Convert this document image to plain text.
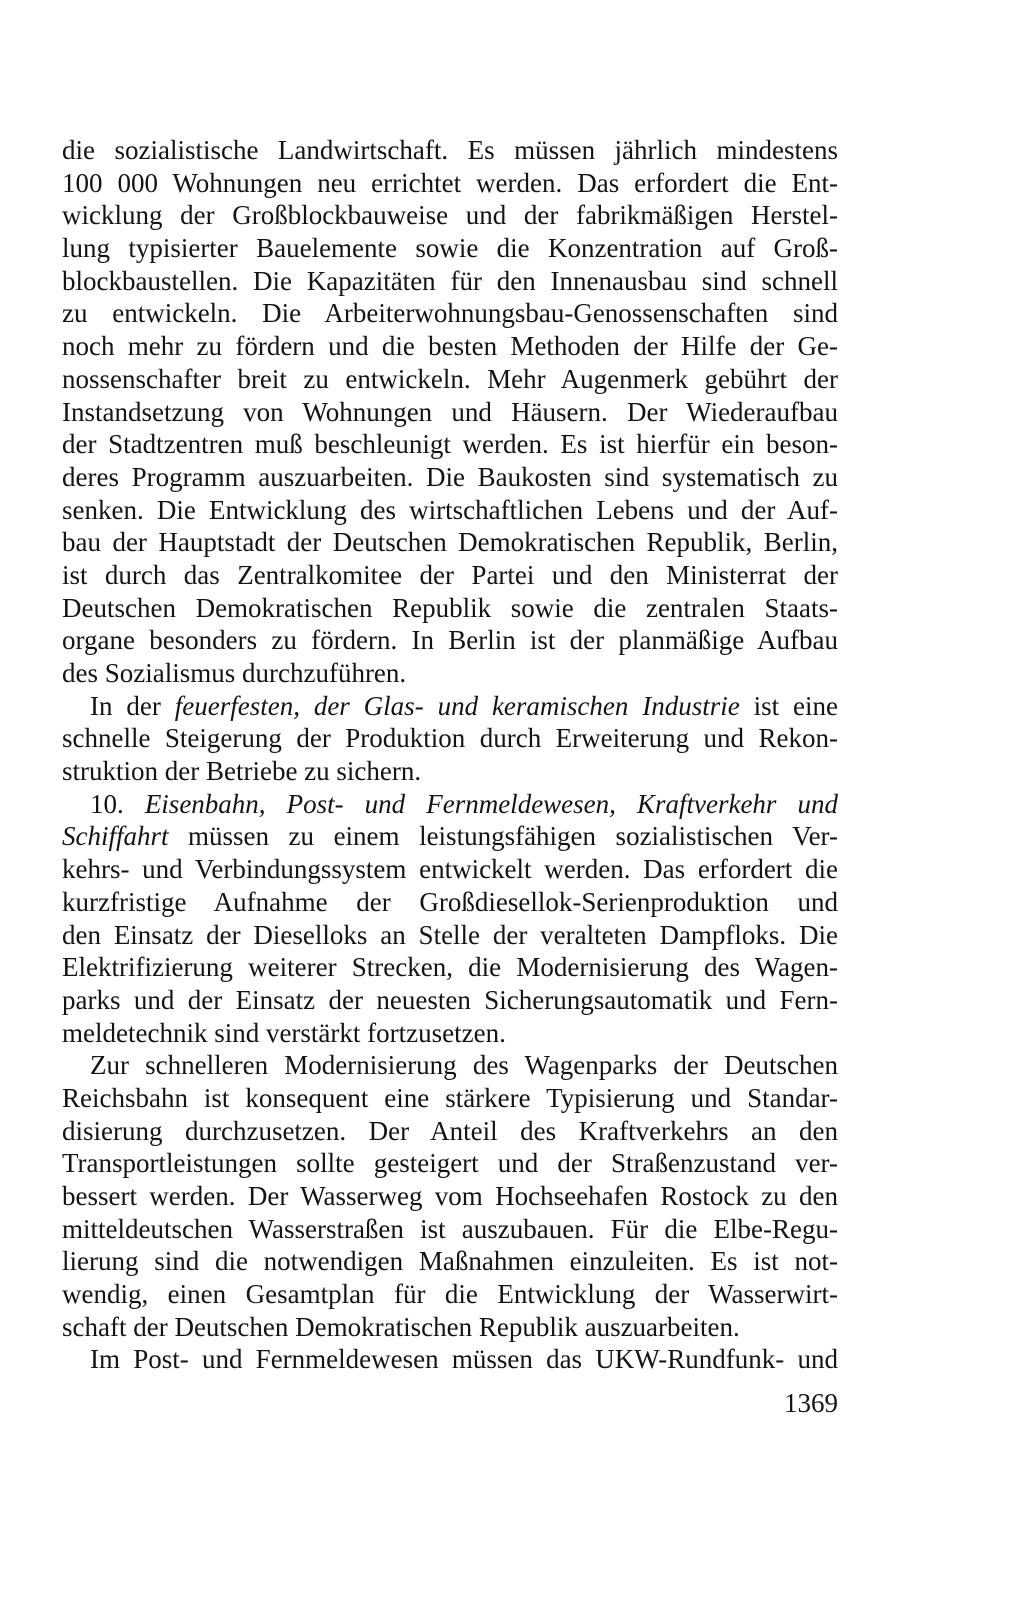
die sozialistische Landwirtschaft. Es müssen jährlich mindestens
100 000 Wohnungen neu errichtet werden. Das erfordert die Ent-
wicklung der Großblockbauweise und der fabrikmäßigen Herstel-
lung typisierter Bauelemente sowie die Konzentration auf Groß-
blockbaustellen. Die Kapazitäten für den Innenausbau sind schnell
zu entwickeln. Die Arbeiterwohnungsbau-Genossenschaften sind
noch mehr zu fördern und die besten Methoden der Hilfe der Ge-
nossenschafter breit zu entwickeln. Mehr Augenmerk gebührt der
Instandsetzung von Wohnungen und Häusern. Der Wiederaufbau
der Stadtzentren muß beschleunigt werden. Es ist hierfür ein beson-
deres Programm auszuarbeiten. Die Baukosten sind systematisch zu
senken. Die Entwicklung des wirtschaftlichen Lebens und der Auf-
bau der Hauptstadt der Deutschen Demokratischen Republik, Berlin,
ist durch das Zentralkomitee der Partei und den Ministerrat der
Deutschen Demokratischen Republik sowie die zentralen Staats-
organe besonders zu fördern. In Berlin ist der planmäßige Aufbau
des Sozialismus durchzuführen.
In der feuerfesten, der Glas- und keramischen Industrie ist eine
schnelle Steigerung der Produktion durch Erweiterung und Rekon-
struktion der Betriebe zu sichern.
10. Eisenbahn, Post- und Fernmeldewesen, Kraftverkehr und
Schiffahrt müssen zu einem leistungsfähigen sozialistischen Ver-
kehrs- und Verbindungssystem entwickelt werden. Das erfordert die
kurzfristige Aufnahme der Großdiesellok-Serienproduktion und
den Einsatz der Dieselloks an Stelle der veralteten Dampfloks. Die
Elektrifizierung weiterer Strecken, die Modernisierung des Wagen-
parks und der Einsatz der neuesten Sicherungsautomatik und Fern-
meldetechnik sind verstärkt fortzusetzen.
Zur schnelleren Modernisierung des Wagenparks der Deutschen
Reichsbahn ist konsequent eine stärkere Typisierung und Standar-
disierung durchzusetzen. Der Anteil des Kraftverkehrs an den
Transportleistungen sollte gesteigert und der Straßenzustand ver-
bessert werden. Der Wasserweg vom Hochseehafen Rostock zu den
mitteldeutschen Wasserstraßen ist auszubauen. Für die Elbe-Regu-
lierung sind die notwendigen Maßnahmen einzuleiten. Es ist not-
wendig, einen Gesamtplan für die Entwicklung der Wasserwirt-
schaft der Deutschen Demokratischen Republik auszuarbeiten.
Im Post- und Fernmeldewesen müssen das UKW-Rundfunk- und
1369
